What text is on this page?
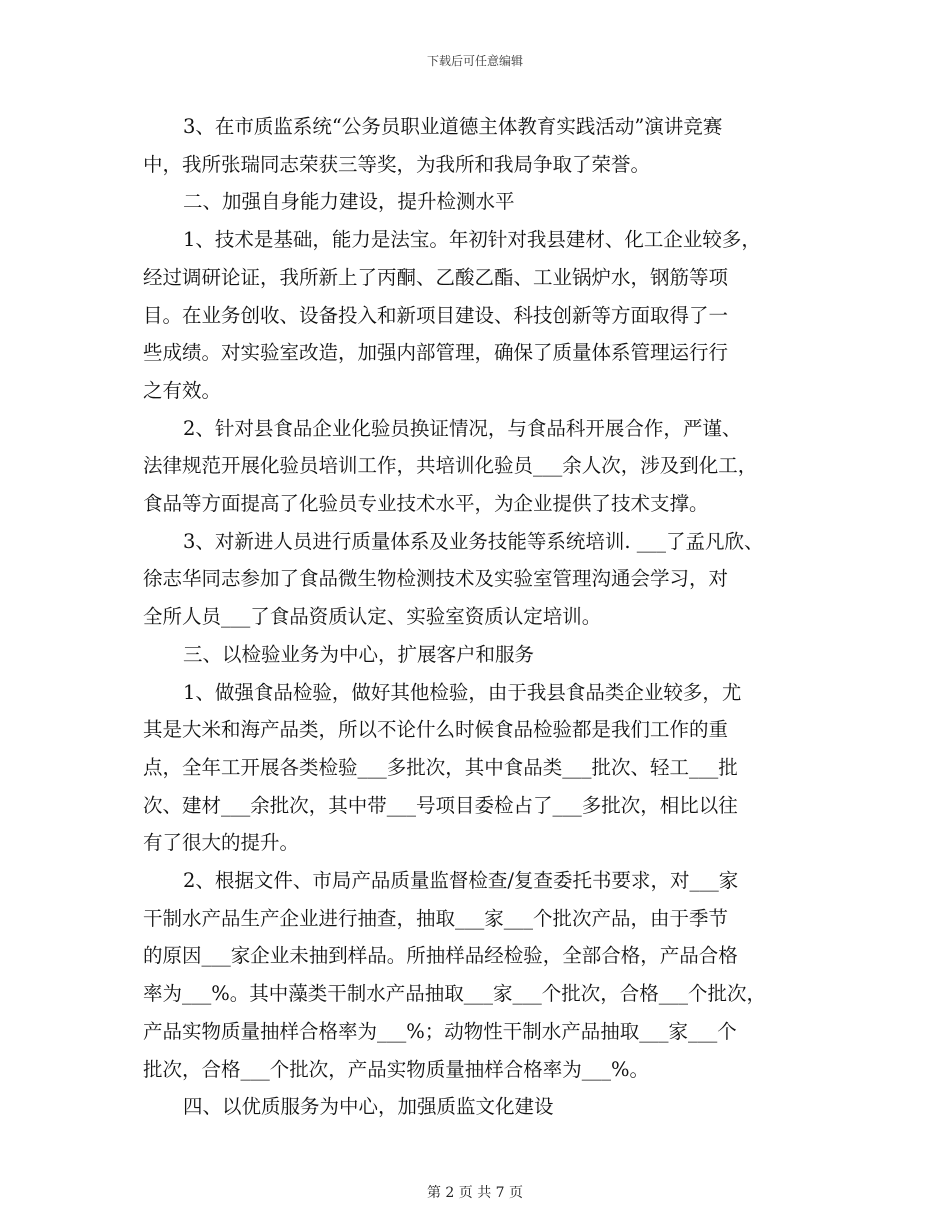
下载后可任意编辑
3、在市质监系统“公务员职业道德主体教育实践活动”演讲竞赛
中，我所张瑞同志荣获三等奖，为我所和我局争取了荣誉。
二、加强自身能力建设，提升检测水平
1、技术是基础，能力是法宝。年初针对我县建材、化工企业较多，
经过调研论证，我所新上了丙酮、乙酸乙酯、工业锅炉水，钢筋等项
目。在业务创收、设备投入和新项目建设、科技创新等方面取得了一
些成绩。对实验室改造，加强内部管理，确保了质量体系管理运行行
之有效。
2、针对县食品企业化验员换证情况，与食品科开展合作，严谨、
法律规范开展化验员培训工作，共培训化验员___余人次，涉及到化工，
食品等方面提高了化验员专业技术水平，为企业提供了技术支撑。
3、对新进人员进行质量体系及业务技能等系统培训. ___了孟凡欣、
徐志华同志参加了食品微生物检测技术及实验室管理沟通会学习，对
全所人员___了食品资质认定、实验室资质认定培训。
三、以检验业务为中心，扩展客户和服务
1、做强食品检验，做好其他检验，由于我县食品类企业较多，尤
其是大米和海产品类，所以不论什么时候食品检验都是我们工作的重
点，全年工开展各类检验___多批次，其中食品类___批次、轻工___批
次、建材___余批次，其中带___号项目委检占了___多批次，相比以往
有了很大的提升。
2、根据文件、市局产品质量监督检查/复查委托书要求，对___家
干制水产品生产企业进行抽查，抽取___家___个批次产品，由于季节
的原因___家企业未抽到样品。所抽样品经检验，全部合格，产品合格
率为___%。其中藻类干制水产品抽取___家___个批次，合格___个批次，
产品实物质量抽样合格率为___%；动物性干制水产品抽取___家___个
批次，合格___个批次，产品实物质量抽样合格率为___%。
四、以优质服务为中心，加强质监文化建设
第 2 页 共 7 页
